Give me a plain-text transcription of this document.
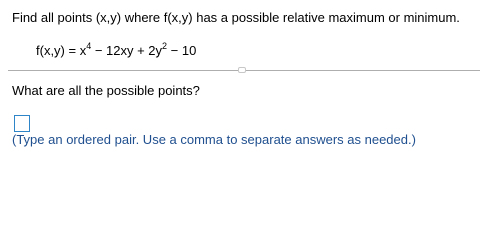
Find all points (x,y) where f(x,y) has a possible relative maximum or minimum.
$f(x,y) = x^4 - 12xy + 2y^2 - 10$
What are all the possible points?
(Type an ordered pair. Use a comma to separate answers as needed.)
